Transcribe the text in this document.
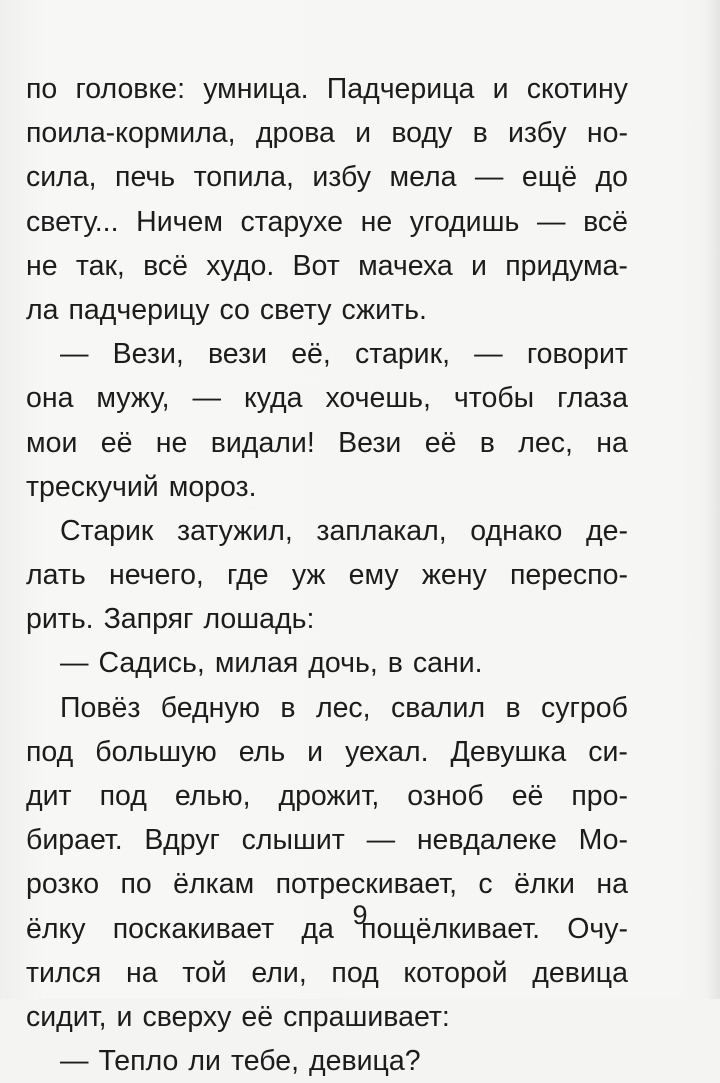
по головке: умница. Падчерица и скотину
поила-кормила, дрова и воду в избу но-
сила, печь топила, избу мела — ещё до
свету... Ничем старухе не угодишь — всё
не так, всё худо. Вот мачеха и придума-
ла падчерицу со свету сжить.
— Вези, вези её, старик, — говорит
она мужу, — куда хочешь, чтобы глаза
мои её не видали! Вези её в лес, на
трескучий мороз.
Старик затужил, заплакал, однако де-
лать нечего, где уж ему жену переспо-
рить. Запряг лошадь:
— Садись, милая дочь, в сани.
Повёз бедную в лес, свалил в сугроб
под большую ель и уехал. Девушка си-
дит под елью, дрожит, озноб её про-
бирает. Вдруг слышит — невдалеке Мо-
розко по ёлкам потрескивает, с ёлки на
ёлку поскакивает да пощёлкивает. Очу-
тился на той ели, под которой девица
сидит, и сверху её спрашивает:
— Тепло ли тебе, девица?
9
